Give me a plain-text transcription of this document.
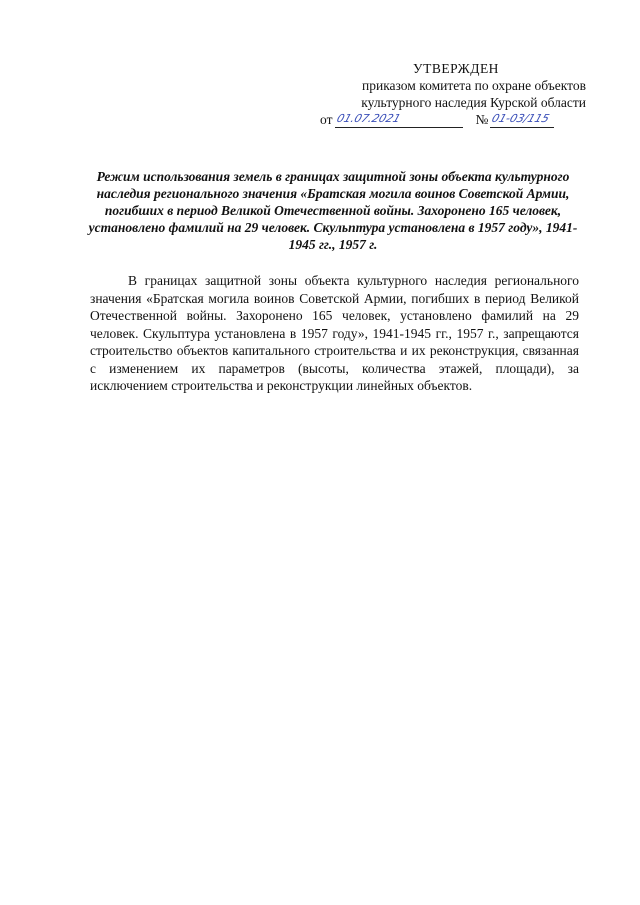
УТВЕРЖДЕН
приказом комитета по охране объектов
культурного наследия Курской области
от 01.07.2021	№ 01-03/115

Режим использования земель в границах защитной зоны объекта культурного наследия регионального значения «Братская могила воинов Советской Армии, погибших в период Великой Отечественной войны. Захоронено 165 человек, установлено фамилий на 29 человек. Скульптура установлена в 1957 году», 1941-1945 гг., 1957 г.

В границах защитной зоны объекта культурного наследия регионального значения «Братская могила воинов Советской Армии, погибших в период Великой Отечественной войны. Захоронено 165 человек, установлено фамилий на 29 человек. Скульптура установлена в 1957 году», 1941-1945 гг., 1957 г., запрещаются строительство объектов капитального строительства и их реконструкция, связанная с изменением их параметров (высоты, количества этажей, площади), за исключением строительства и реконструкции линейных объектов.
